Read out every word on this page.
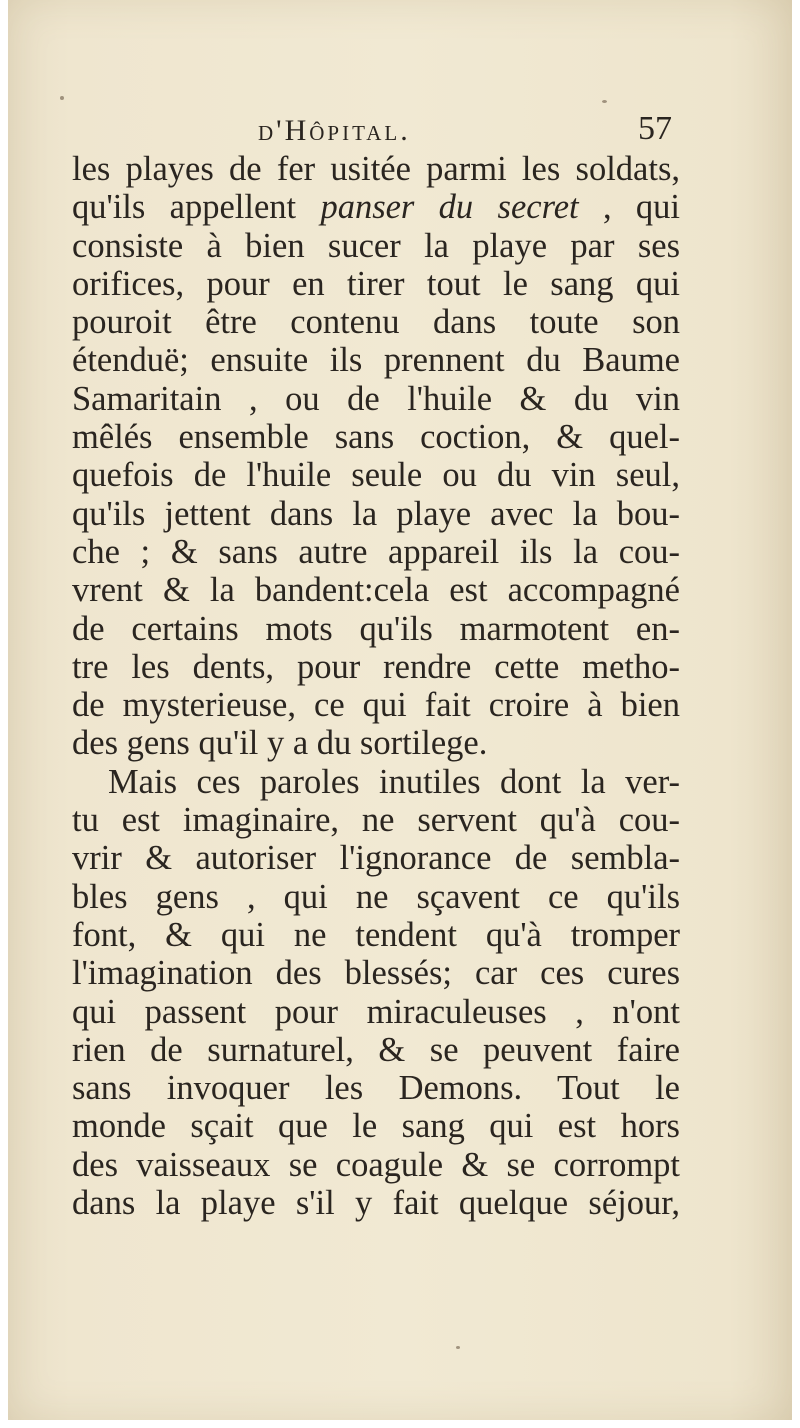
d'Hôpital.	57
les playes de fer usitée parmi les soldats,
qu'ils appellent panser du secret , qui
consiste à bien sucer la playe par ses
orifices, pour en tirer tout le sang qui
pouroit être contenu dans toute son
étenduë; ensuite ils prennent du Baume
Samaritain , ou de l'huile & du vin
mêlés ensemble sans coction, & quel-
quefois de l'huile seule ou du vin seul,
qu'ils jettent dans la playe avec la bou-
che ; & sans autre appareil ils la cou-
vrent & la bandent:cela est accompagné
de certains mots qu'ils marmotent en-
tre les dents, pour rendre cette metho-
de mysterieuse, ce qui fait croire à bien
des gens qu'il y a du sortilege.
Mais ces paroles inutiles dont la ver-
tu est imaginaire, ne servent qu'à cou-
vrir & autoriser l'ignorance de sembla-
bles gens , qui ne sçavent ce qu'ils
font, & qui ne tendent qu'à tromper
l'imagination des blessés; car ces cures
qui passent pour miraculeuses , n'ont
rien de surnaturel, & se peuvent faire
sans invoquer les Demons. Tout le
monde sçait que le sang qui est hors
des vaisseaux se coagule & se corrompt
dans la playe s'il y fait quelque séjour,
